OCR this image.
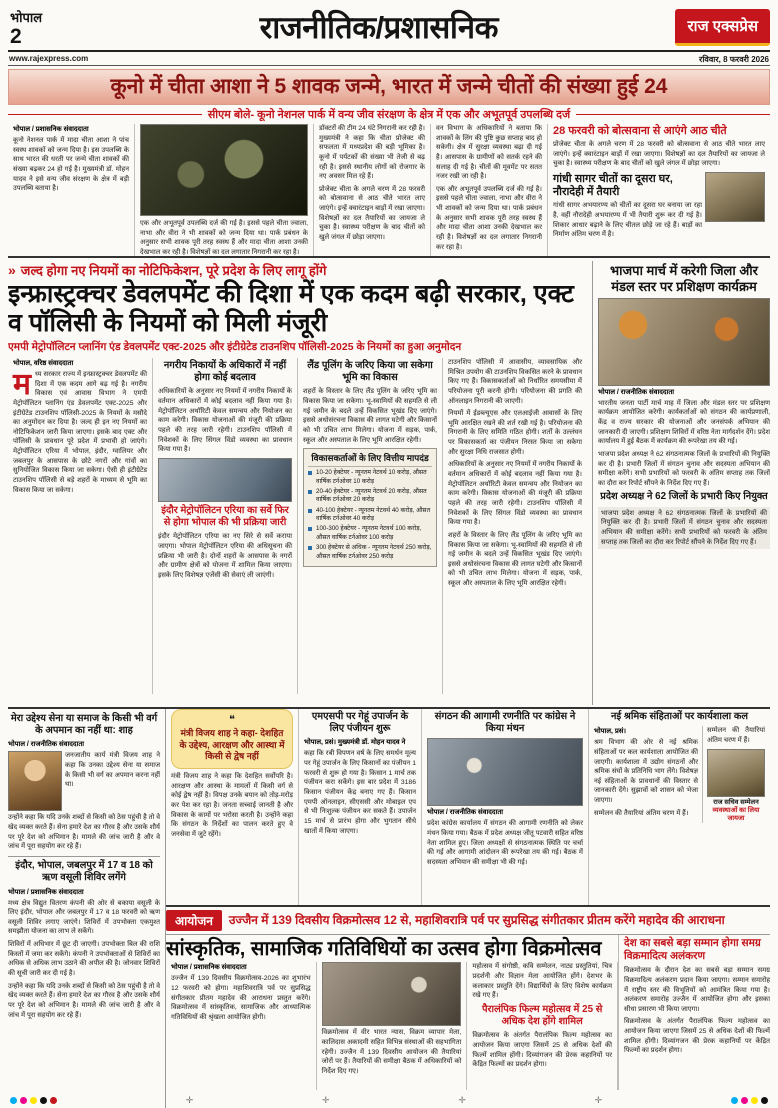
भोपाल
2	राजनीतिक/प्रशासनिक	राज एक्सप्रेस
www.rajexpress.com	रविवार, 8 फरवरी 2026
कूनो में चीता आशा ने 5 शावक जन्मे, भारत में जन्मे चीतों की संख्या हुई 24
सीएम बोले- कूनो नेशनल पार्क में वन्य जीव संरक्षण के क्षेत्र में एक और अभूतपूर्व उपलब्धि दर्ज
भोपाल / प्रशासनिक संवाददाता

कूनो नेशनल पार्क में मादा चीता आशा ने पांच स्वस्थ शावकों को जन्म दिया है। इस उपलब्धि के साथ भारत की धरती पर जन्मे चीता शावकों की संख्या बढ़कर 24 हो गई है। मुख्यमंत्री डॉ. मोहन यादव ने इसे वन्य जीव संरक्षण के क्षेत्र में बड़ी उपलब्धि बताया है।

एक और अभूतपूर्व उपलब्धि दर्ज की गई है। इससे पहले चीता ज्वाला, नाभा और वीरा ने भी शावकों को जन्म दिया था। पार्क प्रबंधन के अनुसार सभी शावक पूरी तरह स्वस्थ हैं और मादा चीता आशा उनकी देखभाल कर रही है। विशेषज्ञों का दल लगातार निगरानी कर रहा है।

डॉक्टरों की टीम 24 घंटे निगरानी कर रही है। मुख्यमंत्री ने कहा कि चीता प्रोजेक्ट की सफलता में मध्यप्रदेश की बड़ी भूमिका है। कूनो में पर्यटकों की संख्या भी तेजी से बढ़ रही है। इससे स्थानीय लोगों को रोजगार के नए अवसर मिल रहे हैं।

प्रोजेक्ट चीता के अगले चरण में 28 फरवरी को बोत्सवाना से आठ चीते भारत लाए जाएंगे। इन्हें क्वारंटाइन बाड़ों में रखा जाएगा। विशेषज्ञों का दल तैयारियों का जायजा ले चुका है। स्वास्थ्य परीक्षण के बाद चीतों को खुले जंगल में छोड़ा जाएगा।

वन विभाग के अधिकारियों ने बताया कि शावकों के लिंग की पुष्टि कुछ सप्ताह बाद हो सकेगी। क्षेत्र में सुरक्षा व्यवस्था बढ़ा दी गई है। आसपास के ग्रामीणों को सतर्क रहने की सलाह दी गई है। चीतों की मूवमेंट पर सतत नजर रखी जा रही है।

एक और अभूतपूर्व उपलब्धि दर्ज की गई है। इससे पहले चीता ज्वाला, नाभा और वीरा ने भी शावकों को जन्म दिया था। पार्क प्रबंधन के अनुसार सभी शावक पूरी तरह स्वस्थ हैं और मादा चीता आशा उनकी देखभाल कर रही है। विशेषज्ञों का दल लगातार निगरानी कर रहा है।

28 फरवरी को बोत्सवाना से आएंगे आठ चीते

प्रोजेक्ट चीता के अगले चरण में 28 फरवरी को बोत्सवाना से आठ चीते भारत लाए जाएंगे। इन्हें क्वारंटाइन बाड़ों में रखा जाएगा। विशेषज्ञों का दल तैयारियों का जायजा ले चुका है। स्वास्थ्य परीक्षण के बाद चीतों को खुले जंगल में छोड़ा जाएगा।

गांधी सागर चीतों का दूसरा घर, नौरादेही में तैयारी

गांधी सागर अभयारण्य को चीतों का दूसरा घर बनाया जा रहा है, वहीं नौरादेही अभयारण्य में भी तैयारी शुरू कर दी गई है। शिकार आधार बढ़ाने के लिए चीतल छोड़े जा रहे हैं। बाड़ों का निर्माण अंतिम चरण में है।

» जल्द होगा नए नियमों का नोटिफिकेशन, पूरे प्रदेश के लिए लागू होंगे
इन्फ्रास्ट्रक्चर डेवलपमेंट की दिशा में एक कदम बढ़ी सरकार, एक्ट व पॉलिसी के नियमों को मिली मंजूरी
एमपी मेट्रोपॉलिटन प्लानिंग एंड डेवलपमेंट एक्ट-2025 और इंटीग्रेटेड टाउनशिप पॉलिसी-2025 के नियमों का हुआ अनुमोदन
भोपाल, वरिष्ठ संवाददाता

मध्य सरकार राज्य में इन्फ्रास्ट्रक्चर डेवलपमेंट की दिशा में एक कदम आगे बढ़ गई है। नगरीय विकास एवं आवास विभाग ने एमपी मेट्रोपॉलिटन प्लानिंग एंड डेवलपमेंट एक्ट-2025 और इंटीग्रेटेड टाउनशिप पॉलिसी-2025 के नियमों के मसौदे का अनुमोदन कर दिया है। जल्द ही इन नए नियमों का नोटिफिकेशन जारी किया जाएगा। इसके बाद एक्ट और पॉलिसी के प्रावधान पूरे प्रदेश में प्रभावी हो जाएंगे। मेट्रोपॉलिटन एरिया में भोपाल, इंदौर, ग्वालियर और जबलपुर के आसपास के छोटे नगरों और गांवों का सुनियोजित विकास किया जा सकेगा। ऐसी ही इंटीग्रेटेड टाउनशिप पॉलिसी से बड़े शहरों के माध्यम से भूमि का विकास किया जा सकेगा।

नगरीय निकायों के अधिकारों में नहीं होगा कोई बदलाव

अधिकारियों के अनुसार नए नियमों में नगरीय निकायों के वर्तमान अधिकारों में कोई बदलाव नहीं किया गया है। मेट्रोपॉलिटन अथॉरिटी केवल समन्वय और नियोजन का काम करेगी। विकास योजनाओं की मंजूरी की प्रक्रिया पहले की तरह जारी रहेगी। टाउनशिप पॉलिसी में निवेशकों के लिए सिंगल विंडो व्यवस्था का प्रावधान किया गया है।

इंदौर मेट्रोपॉलिटन एरिया का सर्वे फिर से होगा भोपाल की भी प्रक्रिया जारी

इंदौर मेट्रोपॉलिटन एरिया का नए सिरे से सर्वे कराया जाएगा। भोपाल मेट्रोपॉलिटन एरिया की अधिसूचना की प्रक्रिया भी जारी है। दोनों शहरों के आसपास के नगरों और ग्रामीण क्षेत्रों को योजना में शामिल किया जाएगा। इसके लिए विशेषज्ञ एजेंसी की सेवाएं ली जाएंगी।

लैंड पूलिंग के जरिए किया जा सकेगा भूमि का विकास

शहरों के विस्तार के लिए लैंड पूलिंग के जरिए भूमि का विकास किया जा सकेगा। भू-स्वामियों की सहमति से ली गई जमीन के बदले उन्हें विकसित भूखंड दिए जाएंगे। इससे अधोसंरचना विकास की लागत घटेगी और किसानों को भी उचित लाभ मिलेगा। योजना में सड़क, पार्क, स्कूल और अस्पताल के लिए भूमि आरक्षित रहेगी।

विकासकर्ताओं के लिए वित्तीय मापदंड
10-20 हेक्टेयर - न्यूनतम नेटवर्थ 10 करोड़, औसत वार्षिक टर्नओवर 10 करोड़
20-40 हेक्टेयर - न्यूनतम नेटवर्थ 20 करोड़, औसत वार्षिक टर्नओवर 20 करोड़
40-100 हेक्टेयर - न्यूनतम नेटवर्थ 40 करोड़, औसत वार्षिक टर्नओवर 40 करोड़
100-300 हेक्टेयर - न्यूनतम नेटवर्थ 100 करोड़, औसत वार्षिक टर्नओवर 100 करोड़
300 हेक्टेयर से अधिक - न्यूनतम नेटवर्थ 250 करोड़, औसत वार्षिक टर्नओवर 250 करोड़

टाउनशिप पॉलिसी में आवासीय, व्यावसायिक और मिश्रित उपयोग की टाउनशिप विकसित करने के प्रावधान किए गए हैं। विकासकर्ताओं को निर्धारित समयसीमा में परियोजना पूरी करनी होगी। परियोजना की प्रगति की ऑनलाइन निगरानी की जाएगी।

नियमों में ईडब्ल्यूएस और एलआईजी आवासों के लिए भूमि आरक्षित रखने की शर्त रखी गई है। परियोजना की निगरानी के लिए समिति गठित होगी। शर्तों के उल्लंघन पर विकासकर्ता का पंजीयन निरस्त किया जा सकेगा और सुरक्षा निधि राजसात होगी।

अधिकारियों के अनुसार नए नियमों में नगरीय निकायों के वर्तमान अधिकारों में कोई बदलाव नहीं किया गया है। मेट्रोपॉलिटन अथॉरिटी केवल समन्वय और नियोजन का काम करेगी। विकास योजनाओं की मंजूरी की प्रक्रिया पहले की तरह जारी रहेगी। टाउनशिप पॉलिसी में निवेशकों के लिए सिंगल विंडो व्यवस्था का प्रावधान किया गया है।

शहरों के विस्तार के लिए लैंड पूलिंग के जरिए भूमि का विकास किया जा सकेगा। भू-स्वामियों की सहमति से ली गई जमीन के बदले उन्हें विकसित भूखंड दिए जाएंगे। इससे अधोसंरचना विकास की लागत घटेगी और किसानों को भी उचित लाभ मिलेगा। योजना में सड़क, पार्क, स्कूल और अस्पताल के लिए भूमि आरक्षित रहेगी।

भाजपा मार्च में करेगी जिला और मंडल स्तर पर प्रशिक्षण कार्यक्रम
भोपाल / राजनीतिक संवाददाता

भारतीय जनता पार्टी मार्च माह में जिला और मंडल स्तर पर प्रशिक्षण कार्यक्रम आयोजित करेगी। कार्यकर्ताओं को संगठन की कार्यप्रणाली, केंद्र व राज्य सरकार की योजनाओं और जनसंपर्क अभियान की जानकारी दी जाएगी। प्रशिक्षण शिविरों में वरिष्ठ नेता मार्गदर्शन देंगे। प्रदेश कार्यालय में हुई बैठक में कार्यक्रम की रूपरेखा तय की गई।

भाजपा प्रदेश अध्यक्ष ने 62 संगठनात्मक जिलों के प्रभारियों की नियुक्ति कर दी है। प्रभारी जिलों में संगठन चुनाव और सदस्यता अभियान की समीक्षा करेंगे। सभी प्रभारियों को फरवरी के अंतिम सप्ताह तक जिलों का दौरा कर रिपोर्ट सौंपने के निर्देश दिए गए हैं।

प्रदेश अध्यक्ष ने 62 जिलों के प्रभारी किए नियुक्त

भाजपा प्रदेश अध्यक्ष ने 62 संगठनात्मक जिलों के प्रभारियों की नियुक्ति कर दी है। प्रभारी जिलों में संगठन चुनाव और सदस्यता अभियान की समीक्षा करेंगे। सभी प्रभारियों को फरवरी के अंतिम सप्ताह तक जिलों का दौरा कर रिपोर्ट सौंपने के निर्देश दिए गए हैं।

मेरा उद्देश्य सेना या समाज के किसी भी वर्ग के अपमान का नहीं था: शाह
भोपाल / राजनीतिक संवाददाता

जनजातीय कार्य मंत्री विजय शाह ने कहा कि उनका उद्देश्य सेना या समाज के किसी भी वर्ग का अपमान करना नहीं था।

उन्होंने कहा कि यदि उनके शब्दों से किसी को ठेस पहुंची है तो वे खेद व्यक्त करते हैं। सेना हमारे देश का गौरव है और उसके शौर्य पर पूरे देश को अभिमान है। मामले की जांच जारी है और वे जांच में पूरा सहयोग कर रहे हैं।

इंदौर, भोपाल, जबलपुर में 17 व 18 को ऋण वसूली शिविर लगेंगे
भोपाल / प्रशासनिक संवाददाता

मध्य क्षेत्र विद्युत वितरण कंपनी की ओर से बकाया वसूली के लिए इंदौर, भोपाल और जबलपुर में 17 व 18 फरवरी को ऋण वसूली शिविर लगाए जाएंगे। शिविरों में उपभोक्ता एकमुश्त समझौता योजना का लाभ ले सकेंगे।

शिविरों में अधिभार में छूट दी जाएगी। उपभोक्ता बिल की राशि किस्तों में जमा कर सकेंगे। कंपनी ने उपभोक्ताओं से शिविरों का अधिक से अधिक लाभ उठाने की अपील की है। जोनवार शिविरों की सूची जारी कर दी गई है।

उन्होंने कहा कि यदि उनके शब्दों से किसी को ठेस पहुंची है तो वे खेद व्यक्त करते हैं। सेना हमारे देश का गौरव है और उसके शौर्य पर पूरे देश को अभिमान है। मामले की जांच जारी है और वे जांच में पूरा सहयोग कर रहे हैं।

❝
मंत्री विजय शाह ने कहा- देशहित के उद्देश्य, आरक्षण और आस्था में किसी से द्वेष नहीं

मंत्री विजय शाह ने कहा कि देशहित सर्वोपरि है। आरक्षण और आस्था के मामलों में किसी वर्ग से कोई द्वेष नहीं है। विपक्ष उनके बयान को तोड़-मरोड़ कर पेश कर रहा है। जनता सच्चाई जानती है और विकास के कामों पर भरोसा करती है। उन्होंने कहा कि संगठन के निर्देशों का पालन करते हुए वे जनसेवा में जुटे रहेंगे।

एमएसपी पर गेहूं उपार्जन के लिए पंजीयन शुरू
भोपाल, प्रसं। मुख्यमंत्री डॉ. मोहन यादव ने

कहा कि रबी विपणन वर्ष के लिए समर्थन मूल्य पर गेहूं उपार्जन के लिए किसानों का पंजीयन 1 फरवरी से शुरू हो गया है। किसान 1 मार्च तक पंजीयन करा सकेंगे। इस बार प्रदेश में 3186 किसान पंजीयन केंद्र बनाए गए हैं। किसान एमपी ऑनलाइन, सीएससी और मोबाइल एप से भी निःशुल्क पंजीयन कर सकते हैं। उपार्जन 15 मार्च से प्रारंभ होगा और भुगतान सीधे खातों में किया जाएगा।

संगठन की आगामी रणनीति पर कांग्रेस ने किया मंथन
भोपाल / राजनीतिक संवाददाता

प्रदेश कांग्रेस कार्यालय में संगठन की आगामी रणनीति को लेकर मंथन किया गया। बैठक में प्रदेश अध्यक्ष जीतू पटवारी सहित वरिष्ठ नेता शामिल हुए। जिला अध्यक्षों से संगठनात्मक स्थिति पर चर्चा की गई और आगामी आंदोलन की रूपरेखा तय की गई। बैठक में सदस्यता अभियान की समीक्षा भी की गई।

नई श्रमिक संहिताओं पर कार्यशाला कल
भोपाल, प्रसं।

श्रम विभाग की ओर से नई श्रमिक संहिताओं पर कल कार्यशाला आयोजित की जाएगी। कार्यशाला में उद्योग संगठनों और श्रमिक संघों के प्रतिनिधि भाग लेंगे। विशेषज्ञ नई संहिताओं के प्रावधानों की विस्तार से जानकारी देंगे। सुझावों को शासन को भेजा जाएगा।

सम्मेलन की तैयारियां अंतिम चरण में हैं।

सम्मेलन की तैयारियां अंतिम चरण में हैं।

राज सचिव सम्मेलन
व्यवस्थाओं का लिया जायजा
आयोजन	उज्जैन में 139 दिवसीय विक्रमोत्सव 12 से, महाशिवरात्रि पर्व पर सुप्रसिद्ध संगीतकार प्रीतम करेंगे महादेव की आराधना
सांस्कृतिक, सामाजिक गतिविधियों का उत्सव होगा विक्रमोत्सव
भोपाल / प्रशासनिक संवाददाता

उज्जैन में 139 दिवसीय विक्रमोत्सव-2026 का शुभारंभ 12 फरवरी को होगा। महाशिवरात्रि पर्व पर सुप्रसिद्ध संगीतकार प्रीतम महादेव की आराधना प्रस्तुत करेंगे। विक्रमोत्सव में सांस्कृतिक, सामाजिक और आध्यात्मिक गतिविधियों की श्रृंखला आयोजित होगी।

विक्रमोत्सव में वीर भारत न्यास, विक्रम व्यापार मेला, कालिदास अकादमी सहित विभिन्न संस्थाओं की सहभागिता रहेगी। उज्जैन में 139 दिवसीय आयोजन की तैयारियां जोरों पर हैं। तैयारियों की समीक्षा बैठक में अधिकारियों को निर्देश दिए गए।

महोत्सव में संगोष्ठी, कवि सम्मेलन, नाट्य प्रस्तुतियां, चित्र प्रदर्शनी और विज्ञान मेला आयोजित होंगे। देशभर के कलाकार प्रस्तुति देंगे। विद्यार्थियों के लिए विशेष कार्यक्रम रखे गए हैं।

पैरालंपिक फिल्म महोत्सव में 25 से अधिक देश होंगे शामिल

विक्रमोत्सव के अंतर्गत पैरालंपिक फिल्म महोत्सव का आयोजन किया जाएगा जिसमें 25 से अधिक देशों की फिल्में शामिल होंगी। दिव्यांगजन की प्रेरक कहानियों पर केंद्रित फिल्मों का प्रदर्शन होगा।

देश का सबसे बड़ा सम्मान होगा समग्र विक्रमादित्य अलंकरण

विक्रमोत्सव के दौरान देश का सबसे बड़ा सम्मान समग्र विक्रमादित्य अलंकरण प्रदान किया जाएगा। सम्मान समारोह में राष्ट्रीय स्तर की विभूतियों को आमंत्रित किया गया है। अलंकरण समारोह उज्जैन में आयोजित होगा और इसका सीधा प्रसारण भी किया जाएगा।

विक्रमोत्सव के अंतर्गत पैरालंपिक फिल्म महोत्सव का आयोजन किया जाएगा जिसमें 25 से अधिक देशों की फिल्में शामिल होंगी। दिव्यांगजन की प्रेरक कहानियों पर केंद्रित फिल्मों का प्रदर्शन होगा।

✛	✛	✛	✛
